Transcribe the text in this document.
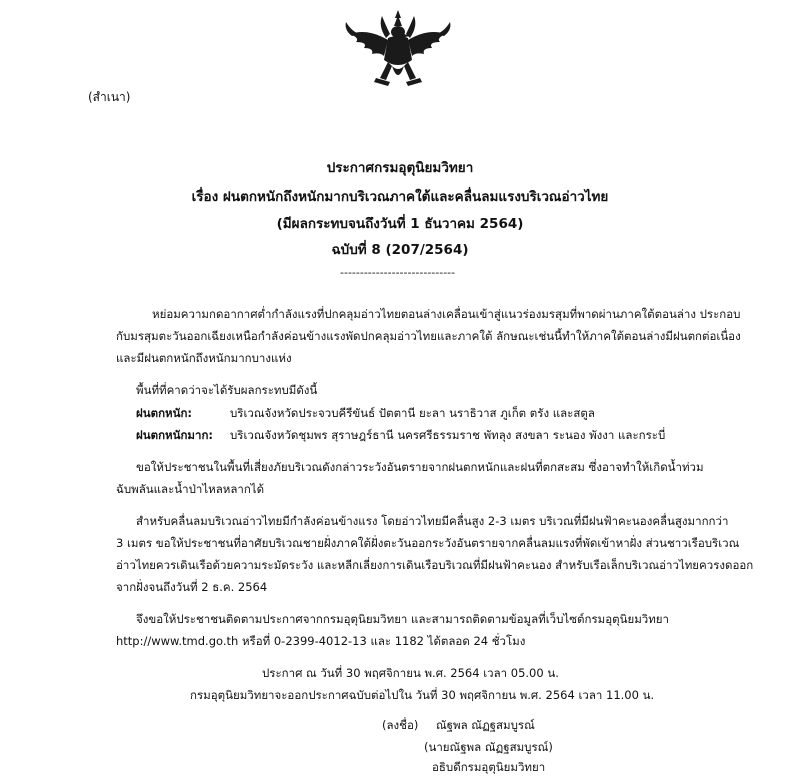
(สำเนา)
ประกาศกรมอุตุนิยมวิทยา
เรื่อง ฝนตกหนักถึงหนักมากบริเวณภาคใต้และคลื่นลมแรงบริเวณอ่าวไทย
(มีผลกระทบจนถึงวันที่ 1 ธันวาคม 2564)
ฉบับที่ 8 (207/2564)
-----------------------------
หย่อมความกดอากาศต่ำกำลังแรงที่ปกคลุมอ่าวไทยตอนล่างเคลื่อนเข้าสู่แนวร่องมรสุมที่พาดผ่านภาคใต้ตอนล่าง ประกอบ
กับมรสุมตะวันออกเฉียงเหนือกำลังค่อนข้างแรงพัดปกคลุมอ่าวไทยและภาคใต้ ลักษณะเช่นนี้ทำให้ภาคใต้ตอนล่างมีฝนตกต่อเนื่อง
และมีฝนตกหนักถึงหนักมากบางแห่ง
พื้นที่ที่คาดว่าจะได้รับผลกระทบมีดังนี้
ฝนตกหนัก:	บริเวณจังหวัดประจวบคีรีขันธ์ ปัตตานี ยะลา นราธิวาส ภูเก็ต ตรัง และสตูล
ฝนตกหนักมาก: บริเวณจังหวัดชุมพร สุราษฎร์ธานี นครศรีธรรมราช พัทลุง สงขลา ระนอง พังงา และกระบี่
ขอให้ประชาชนในพื้นที่เสี่ยงภัยบริเวณดังกล่าวระวังอันตรายจากฝนตกหนักและฝนที่ตกสะสม ซึ่งอาจทำให้เกิดน้ำท่วม
ฉับพลันและน้ำป่าไหลหลากได้
สำหรับคลื่นลมบริเวณอ่าวไทยมีกำลังค่อนข้างแรง โดยอ่าวไทยมีคลื่นสูง 2-3 เมตร บริเวณที่มีฝนฟ้าคะนองคลื่นสูงมากกว่า
3 เมตร ขอให้ประชาชนที่อาศัยบริเวณชายฝั่งภาคใต้ฝั่งตะวันออกระวังอันตรายจากคลื่นลมแรงที่พัดเข้าหาฝั่ง ส่วนชาวเรือบริเวณ
อ่าวไทยควรเดินเรือด้วยความระมัดระวัง และหลีกเลี่ยงการเดินเรือบริเวณที่มีฝนฟ้าคะนอง สำหรับเรือเล็กบริเวณอ่าวไทยควรงดออก
จากฝั่งจนถึงวันที่ 2 ธ.ค. 2564
จึงขอให้ประชาชนติดตามประกาศจากกรมอุตุนิยมวิทยา และสามารถติดตามข้อมูลที่เว็บไซต์กรมอุตุนิยมวิทยา
http://www.tmd.go.th หรือที่ 0-2399-4012-13 และ 1182 ได้ตลอด 24 ชั่วโมง
ประกาศ ณ วันที่ 30 พฤศจิกายน พ.ศ. 2564 เวลา 05.00 น.
กรมอุตุนิยมวิทยาจะออกประกาศฉบับต่อไปใน วันที่ 30 พฤศจิกายน พ.ศ. 2564 เวลา 11.00 น.
(ลงชื่อ) ณัฐพล ณัฏฐสมบูรณ์
(นายณัฐพล ณัฏฐสมบูรณ์)
อธิบดีกรมอุตุนิยมวิทยา
